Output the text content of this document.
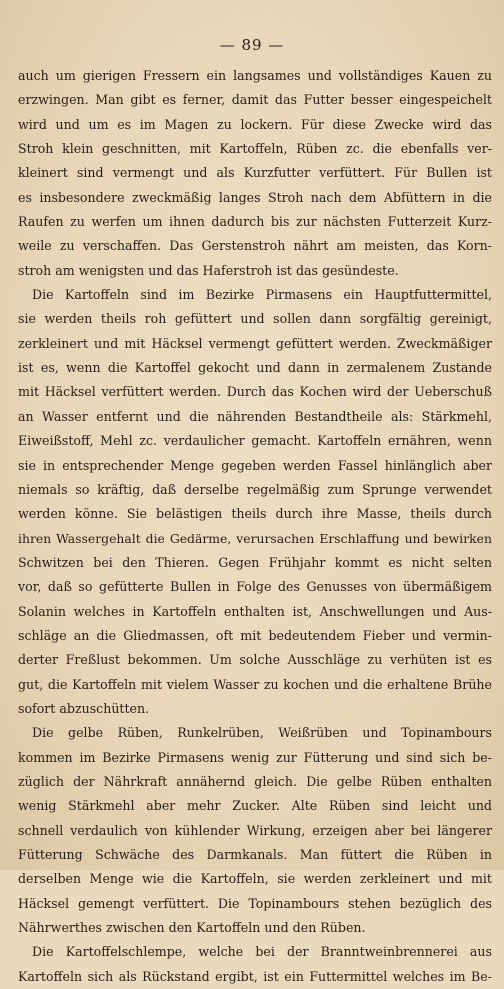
— 89 —
auch um gierigen Fressern ein langsames und vollständiges Kauen zu
erzwingen. Man gibt es ferner, damit das Futter besser eingespeichelt
wird und um es im Magen zu lockern. Für diese Zwecke wird das
Stroh klein geschnitten, mit Kartoffeln, Rüben zc. die ebenfalls ver-
kleinert sind vermengt und als Kurzfutter verfüttert. Für Bullen ist
es insbesondere zweckmäßig langes Stroh nach dem Abfüttern in die
Raufen zu werfen um ihnen dadurch bis zur nächsten Futterzeit Kurz-
weile zu verschaffen. Das Gerstenstroh nährt am meisten, das Korn-
stroh am wenigsten und das Haferstroh ist das gesündeste.
Die Kartoffeln sind im Bezirke Pirmasens ein Hauptfuttermittel,
sie werden theils roh gefüttert und sollen dann sorgfältig gereinigt,
zerkleinert und mit Häcksel vermengt gefüttert werden. Zweckmäßiger
ist es, wenn die Kartoffel gekocht und dann in zermalenem Zustande
mit Häcksel verfüttert werden. Durch das Kochen wird der Ueberschuß
an Wasser entfernt und die nährenden Bestandtheile als: Stärkmehl,
Eiweißstoff, Mehl zc. verdaulicher gemacht. Kartoffeln ernähren, wenn
sie in entsprechender Menge gegeben werden Fassel hinlänglich aber
niemals so kräftig, daß derselbe regelmäßig zum Sprunge verwendet
werden könne. Sie belästigen theils durch ihre Masse, theils durch
ihren Wassergehalt die Gedärme, verursachen Erschlaffung und bewirken
Schwitzen bei den Thieren. Gegen Frühjahr kommt es nicht selten
vor, daß so gefütterte Bullen in Folge des Genusses von übermäßigem
Solanin welches in Kartoffeln enthalten ist, Anschwellungen und Aus-
schläge an die Gliedmassen, oft mit bedeutendem Fieber und vermin-
derter Freßlust bekommen. Um solche Ausschläge zu verhüten ist es
gut, die Kartoffeln mit vielem Wasser zu kochen und die erhaltene Brühe
sofort abzuschütten.
Die gelbe Rüben, Runkelrüben, Weißrüben und Topinambours
kommen im Bezirke Pirmasens wenig zur Fütterung und sind sich be-
züglich der Nährkraft annähernd gleich. Die gelbe Rüben enthalten
wenig Stärkmehl aber mehr Zucker. Alte Rüben sind leicht und
schnell verdaulich von kühlender Wirkung, erzeigen aber bei längerer
Fütterung Schwäche des Darmkanals. Man füttert die Rüben in
derselben Menge wie die Kartoffeln, sie werden zerkleinert und mit
Häcksel gemengt verfüttert. Die Topinambours stehen bezüglich des
Nährwerthes zwischen den Kartoffeln und den Rüben.
Die Kartoffelschlempe, welche bei der Branntweinbrennerei aus
Kartoffeln sich als Rückstand ergibt, ist ein Futtermittel welches im Be-
